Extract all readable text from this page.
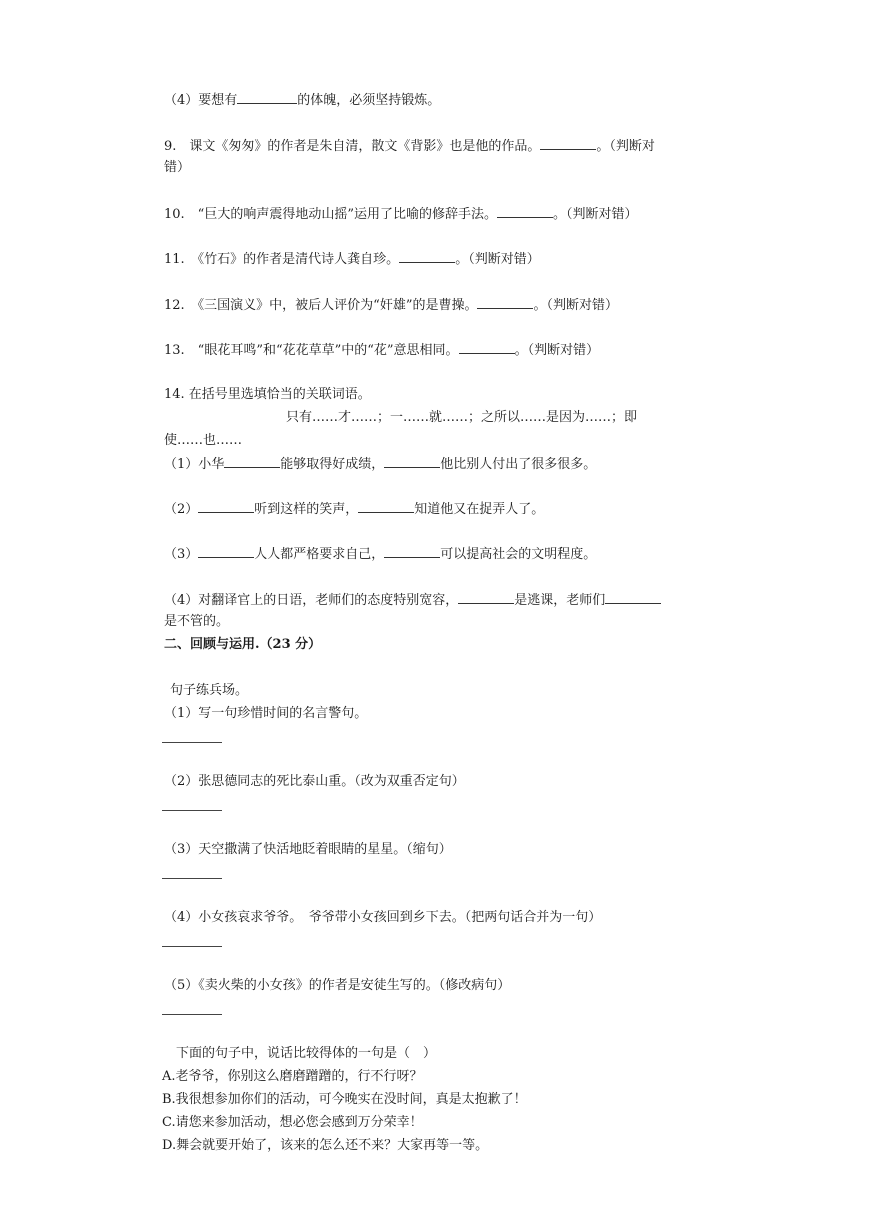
（4）要想有	的体魄，必须坚持锻炼。
9.　课文《匆匆》的作者是朱自清，散文《背影》也是他的作品。	。（判断对
错）
10.　“巨大的响声震得地动山摇”运用了比喻的修辞手法。	。（判断对错）
11.　《竹石》的作者是清代诗人龚自珍。	。（判断对错）
12.　《三国演义》中，被后人评价为“奸雄”的是曹操。	。（判断对错）
13.　“眼花耳鸣”和“花花草草”中的“花”意思相同。	。（判断对错）
14. 在括号里选填恰当的关联词语。
只有……才……；一……就……；之所以……是因为……；即
使……也……
（1）小华	能够取得好成绩，	他比别人付出了很多很多。
（2）	听到这样的笑声，	知道他又在捉弄人了。
（3）	人人都严格要求自己，	可以提高社会的文明程度。
（4）对翻译官上的日语，老师们的态度特别宽容，	是逃课，老师们
是不管的。
二、回顾与运用.（23 分）
句子练兵场。
（1）写一句珍惜时间的名言警句。
（2）张思德同志的死比泰山重。（改为双重否定句）
（3）天空撒满了快活地眨着眼睛的星星。（缩句）
（4）小女孩哀求爷爷。　爷爷带小女孩回到乡下去。（把两句话合并为一句）
（5）《卖火柴的小女孩》的作者是安徒生写的。（修改病句）
下面的句子中，说话比较得体的一句是（　）
A.老爷爷，你别这么磨磨蹭蹭的，行不行呀？
B.我很想参加你们的活动，可今晚实在没时间，真是太抱歉了！
C.请您来参加活动，想必您会感到万分荣幸！
D.舞会就要开始了，该来的怎么还不来？大家再等一等。
